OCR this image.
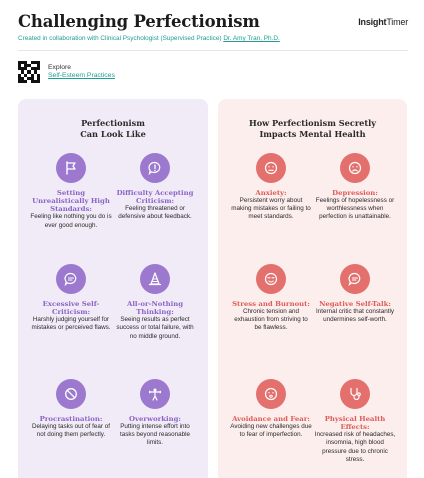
Challenging Perfectionism	InsightTimer
Created in collaboration with Clinical Psychologist (Supervised Practice) Dr. Amy Tran, Ph.D.
Explore
Self-Esteem Practices
Perfectionism
Can Look Like
Setting Unrealistically High Standards:
Feeling like nothing you do is ever good enough.
Difficulty Accepting Criticism:
Feeling threatened or defensive about feedback.
Excessive Self-Criticism:
Harshly judging yourself for mistakes or perceived flaws.
All-or-Nothing Thinking:
Seeing results as perfect success or total failure, with no middle ground.
Procrastination:
Delaying tasks out of fear of not doing them perfectly.
Overworking:
Putting intense effort into tasks beyond reasonable limits.
How Perfectionism Secretly
Impacts Mental Health
Anxiety:
Persistent worry about making mistakes or failing to meet standards.
Depression:
Feelings of hopelessness or worthlessness when perfection is unattainable.
Stress and Burnout:
Chronic tension and exhaustion from striving to be flawless.
Negative Self-Talk:
Internal critic that constantly undermines self-worth.
Avoidance and Fear:
Avoiding new challenges due to fear of imperfection.
Physical Health Effects:
Increased risk of headaches, insomnia, high blood pressure due to chronic stress.
